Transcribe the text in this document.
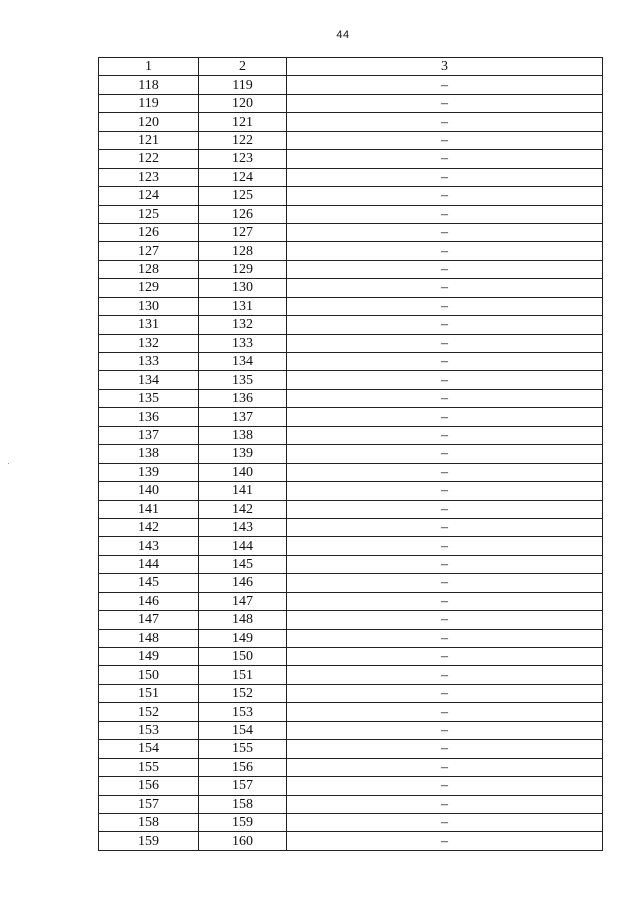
44
1	2	3
118	119	–
119	120	–
120	121	–
121	122	–
122	123	–
123	124	–
124	125	–
125	126	–
126	127	–
127	128	–
128	129	–
129	130	–
130	131	–
131	132	–
132	133	–
133	134	–
134	135	–
135	136	–
136	137	–
137	138	–
138	139	–
139	140	–
140	141	–
141	142	–
142	143	–
143	144	–
144	145	–
145	146	–
146	147	–
147	148	–
148	149	–
149	150	–
150	151	–
151	152	–
152	153	–
153	154	–
154	155	–
155	156	–
156	157	–
157	158	–
158	159	–
159	160	–
